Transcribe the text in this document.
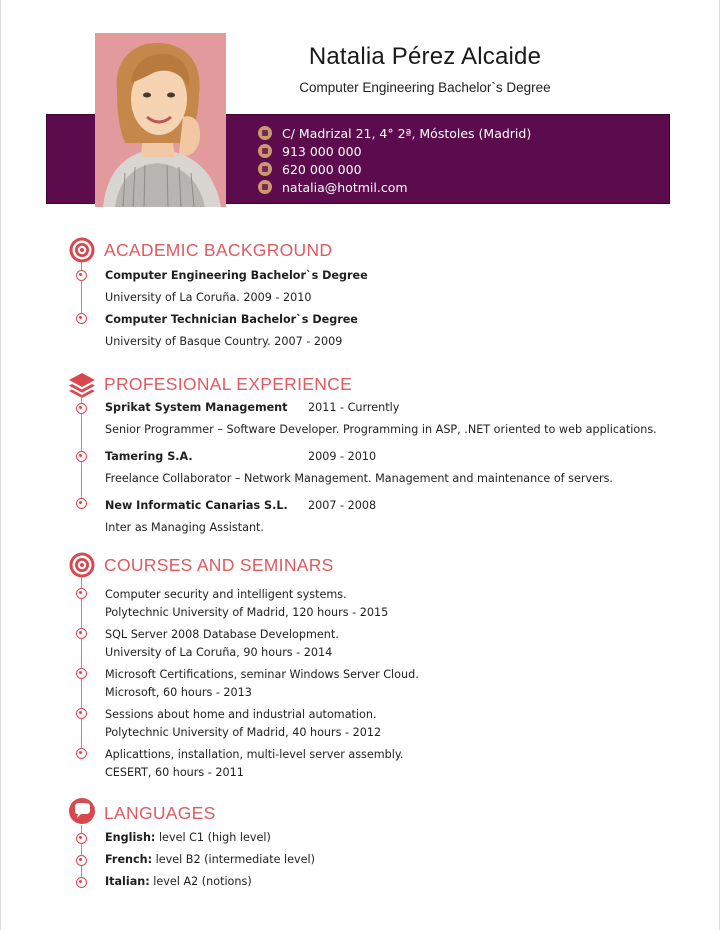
Natalia Pérez Alcaide
Computer Engineering Bachelor`s Degree
C/ Madrizal 21, 4° 2ª, Móstoles (Madrid)
913 000 000
620 000 000
natalia@hotmil.com
ACADEMIC BACKGROUND
Computer Engineering Bachelor`s Degree
University of La Coruña. 2009 - 2010
Computer Technician Bachelor`s Degree
University of Basque Country. 2007 - 2009
PROFESIONAL EXPERIENCE
Sprikat System Management 2011 - Currently
Senior Programmer – Software Developer. Programming in ASP, .NET oriented to web applications.
Tamering S.A.	2009 - 2010
Freelance Collaborator – Network Management. Management and maintenance of servers.
New Informatic Canarias S.L. 2007 - 2008
Inter as Managing Assistant.
COURSES AND SEMINARS
Computer security and intelligent systems.
Polytechnic University of Madrid, 120 hours - 2015
SQL Server 2008 Database Development.
University of La Coruña, 90 hours - 2014
Microsoft Certifications, seminar Windows Server Cloud.
Microsoft, 60 hours - 2013
Sessions about home and industrial automation.
Polytechnic University of Madrid, 40 hours - 2012
Aplicattions, installation, multi-level server assembly.
CESERT, 60 hours - 2011
LANGUAGES
English: level C1 (high level)
French: level B2 (intermediate level)
Italian: level A2 (notions)
